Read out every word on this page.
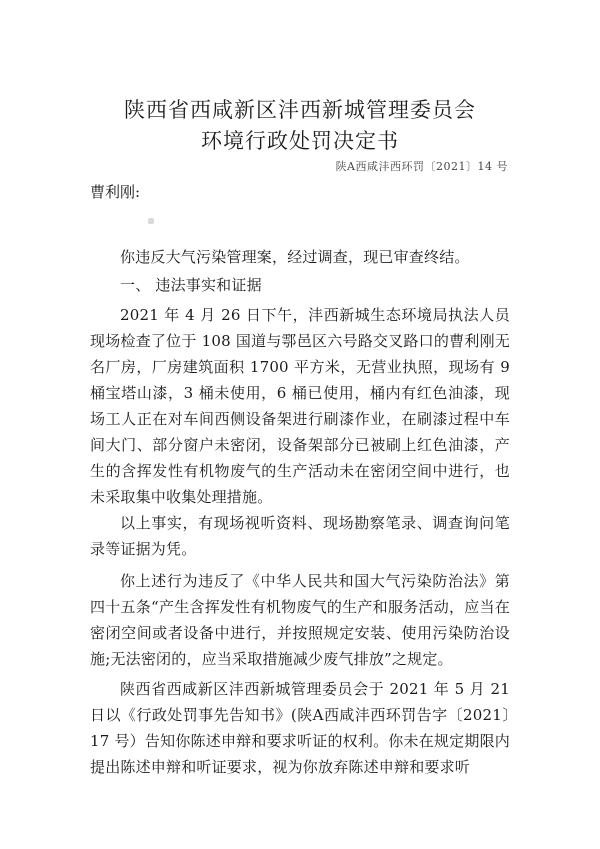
陕西省西咸新区沣西新城管理委员会
环境行政处罚决定书
陕A西咸沣西环罚〔2021〕14 号
曹利刚:
你违反大气污染管理案，经过调查，现已审查终结。
一、 违法事实和证据
2021 年 4 月 26 日下午，沣西新城生态环境局执法人员现场检查了位于 108 国道与鄠邑区六号路交叉路口的曹利刚无名厂房，厂房建筑面积 1700 平方米，无营业执照，现场有 9 桶宝塔山漆，3 桶未使用，6 桶已使用，桶内有红色油漆，现场工人正在对车间西侧设备架进行刷漆作业，在刷漆过程中车间大门、部分窗户未密闭，设备架部分已被刷上红色油漆，产生的含挥发性有机物废气的生产活动未在密闭空间中进行，也未采取集中收集处理措施。
以上事实，有现场视听资料、现场勘察笔录、调查询问笔录等证据为凭。
你上述行为违反了《中华人民共和国大气污染防治法》第四十五条“产生含挥发性有机物废气的生产和服务活动，应当在密闭空间或者设备中进行，并按照规定安装、使用污染防治设施;无法密闭的，应当采取措施减少废气排放”之规定。
陕西省西咸新区沣西新城管理委员会于 2021 年 5 月 21 日以《行政处罚事先告知书》(陕A西咸沣西环罚告字〔2021〕17 号）告知你陈述申辩和要求听证的权利。你未在规定期限内提出陈述申辩和听证要求，视为你放弃陈述申辩和要求听
